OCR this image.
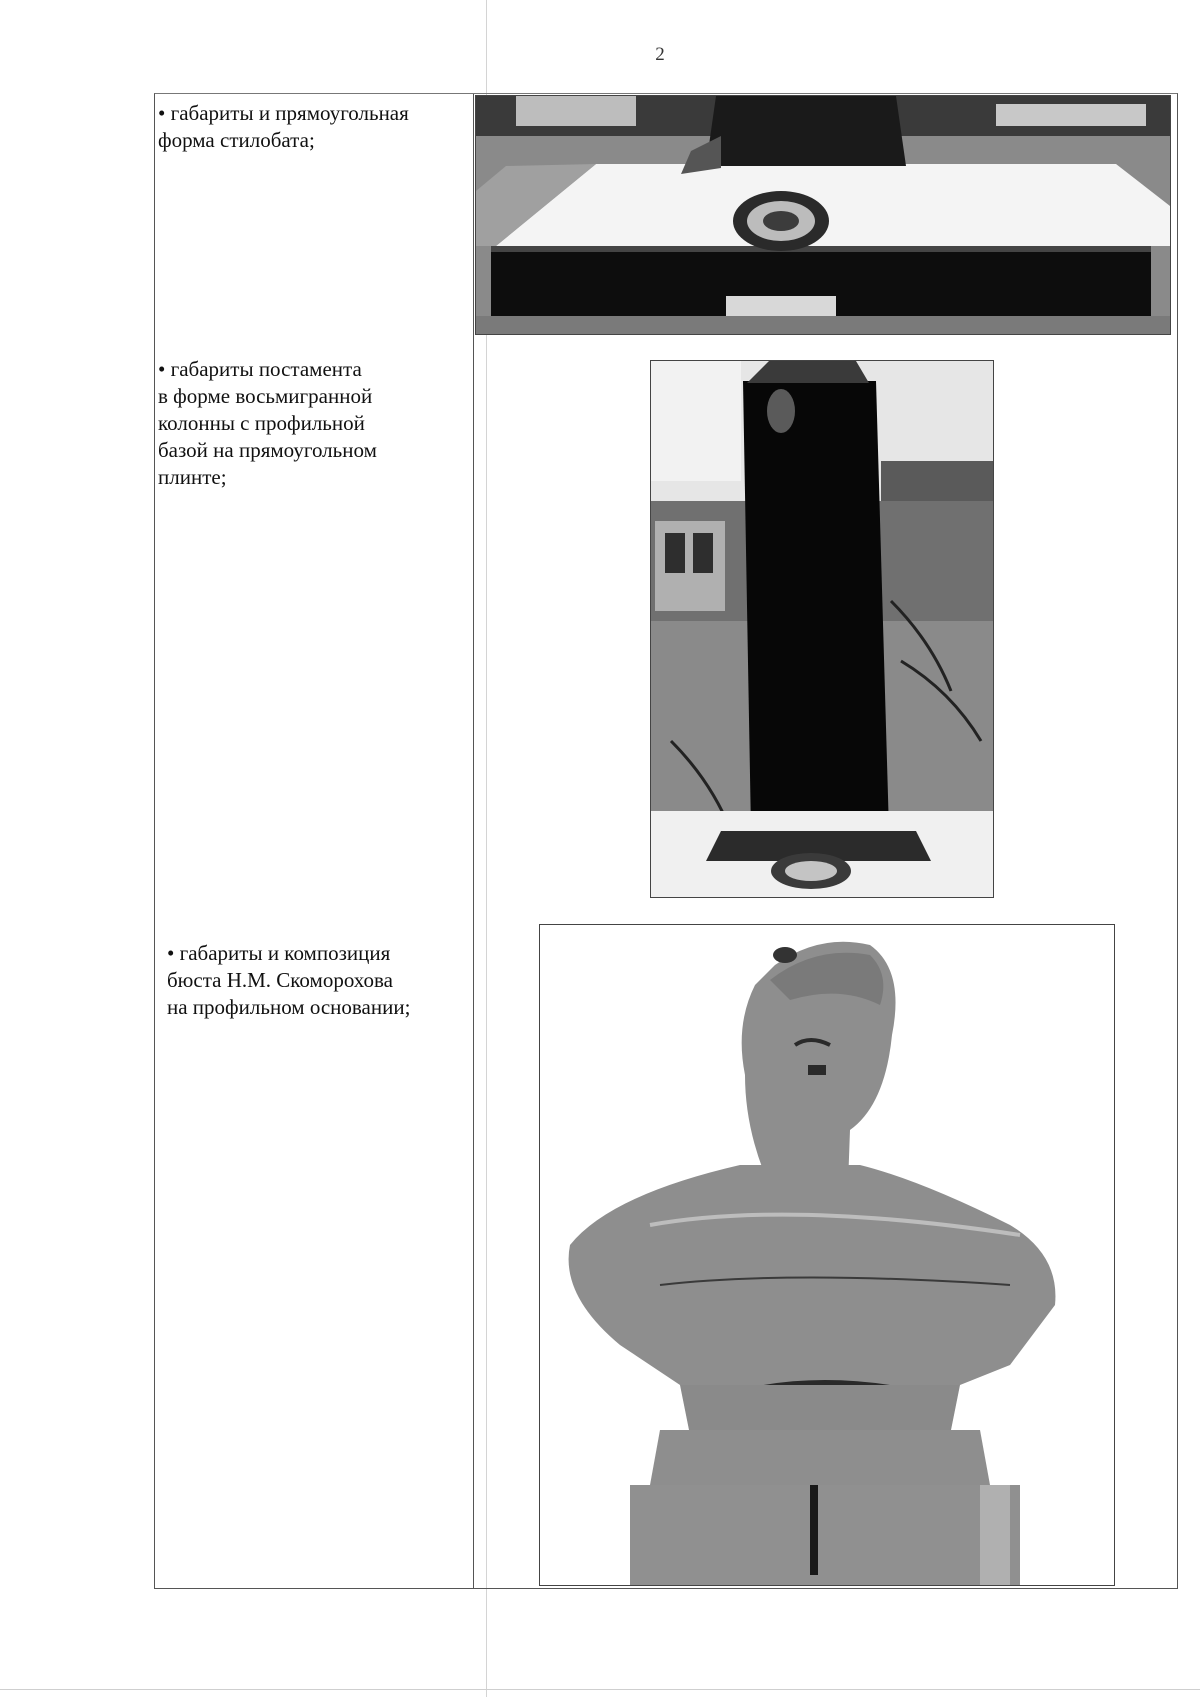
2
• габариты и прямоугольная
форма стилобата;
• габариты постамента
в форме восьмигранной
колонны с профильной
базой на прямоугольном
плинте;
• габариты и композиция
бюста Н.М. Скоморохова
на профильном основании;
